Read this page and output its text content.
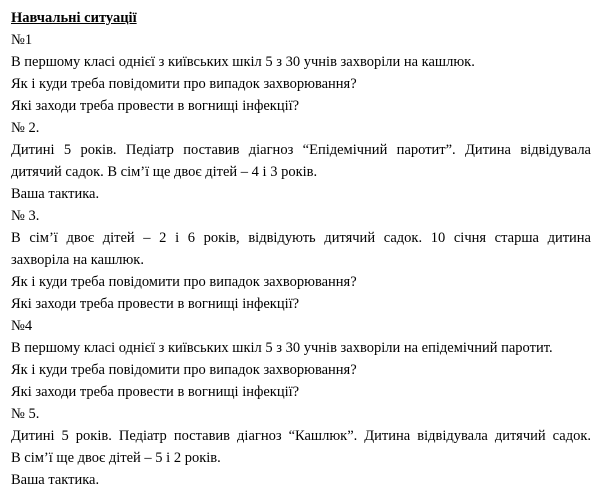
Навчальні ситуації
№1
В першому класі однієї з київських шкіл 5 з 30 учнів захворіли на кашлюк.
Як і куди треба повідомити про випадок захворювання?
Які заходи треба провести в вогнищі інфекції?
№ 2.
Дитині 5 років. Педіатр поставив діагноз “Епідемічний паротит”. Дитина відвідувала
дитячий садок. В сім’ї ще двоє дітей – 4 і 3 років.
Ваша тактика.
№ 3.
В сім’ї двоє дітей – 2 і 6 років, відвідують дитячий садок. 10 січня старша дитина
захворіла на кашлюк.
Як і куди треба повідомити про випадок захворювання?
Які заходи треба провести в вогнищі інфекції?
№4
В першому класі однієї з київських шкіл 5 з 30 учнів захворіли на епідемічний паротит.
Як і куди треба повідомити про випадок захворювання?
Які заходи треба провести в вогнищі інфекції?
№ 5.
Дитині 5 років. Педіатр поставив діагноз “Кашлюк”. Дитина відвідувала дитячий садок.
В сім’ї ще двоє дітей – 5 і 2 років.
Ваша тактика.
